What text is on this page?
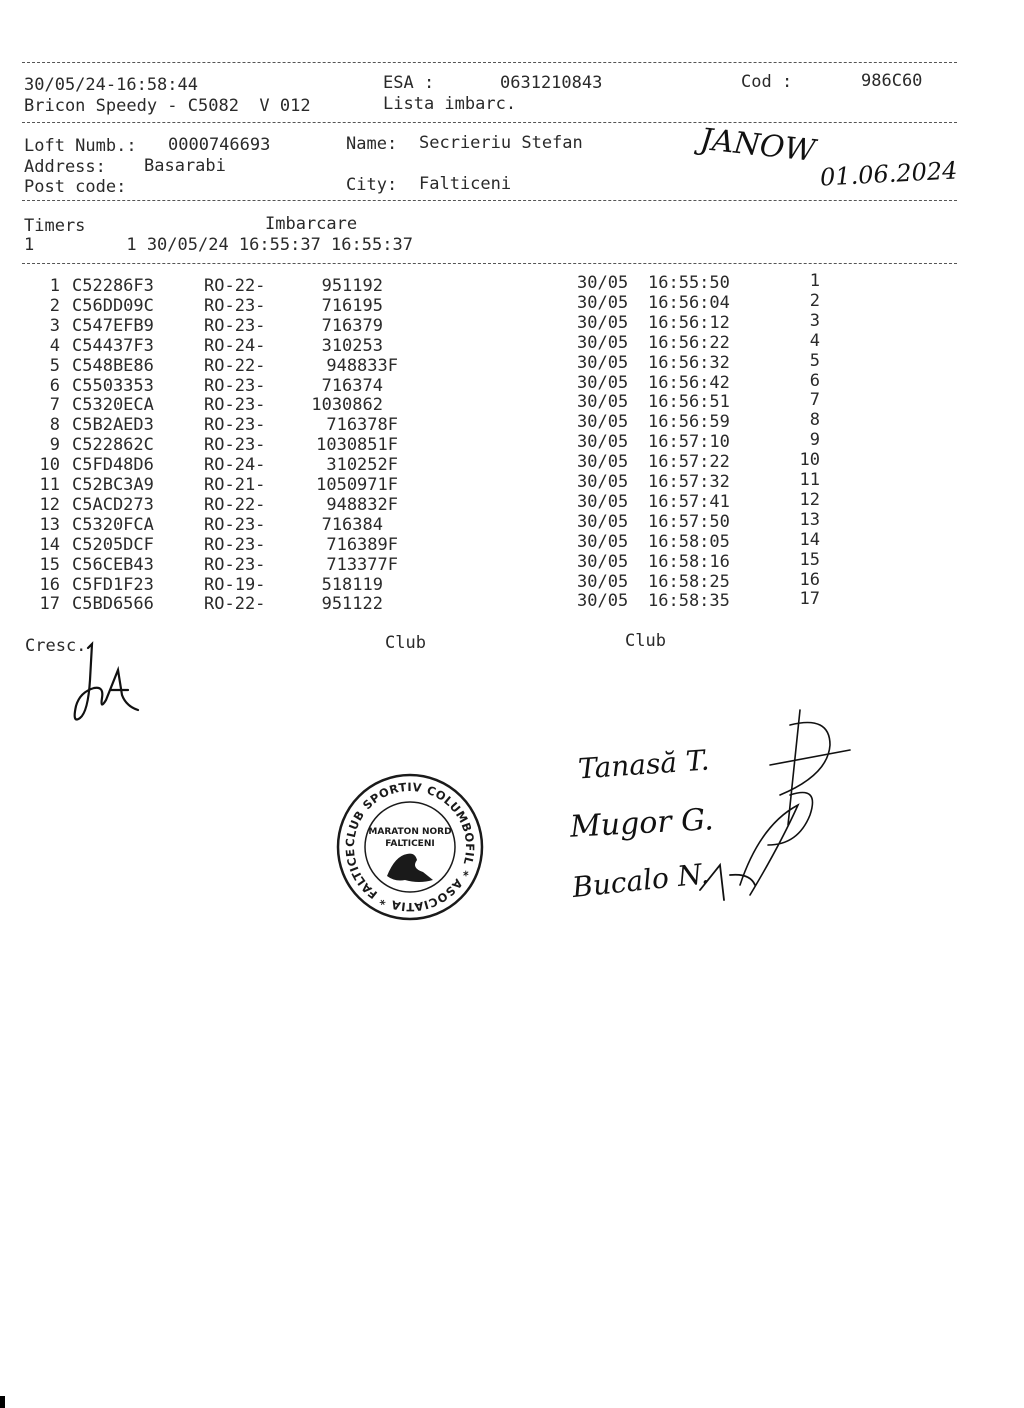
30/05/24-16:58:44	ESA :	0631210843	Cod :	986C60
Bricon Speedy - C5082  V 012	Lista imbarc.
Loft Numb.: 0000746693	Name: Secrieriu Stefan
Address: Basarabi
Post code:	City: Falticeni
JANOW
01.06.2024
Timers	Imbarcare
1         1 30/05/24 16:55:37 16:55:37
1 C52286F3	RO-22-	951192	30/05 16:55:50	1
2 C56DD09C	RO-23-	716195	30/05 16:56:04	2
3 C547EFB9	RO-23-	716379	30/05 16:56:12	3
4 C54437F3	RO-24-	310253	30/05 16:56:22	4
5 C548BE86	RO-22-	948833F	30/05 16:56:32	5
6 C5503353	RO-23-	716374	30/05 16:56:42	6
7 C5320ECA	RO-23-	1030862	30/05 16:56:51	7
8 C5B2AED3	RO-23-	716378F	30/05 16:56:59	8
9 C522862C	RO-23-	1030851F	30/05 16:57:10	9
10 C5FD48D6	RO-24-	310252F	30/05 16:57:22	10
11 C52BC3A9	RO-21-	1050971F	30/05 16:57:32	11
12 C5ACD273	RO-22-	948832F	30/05 16:57:41	12
13 C5320FCA	RO-23-	716384	30/05 16:57:50	13
14 C5205DCF	RO-23-	716389F	30/05 16:58:05	14
15 C56CEB43	RO-23-	713377F	30/05 16:58:16	15
16 C5FD1F23	RO-19-	518119	30/05 16:58:25	16
17 C5BD6566	RO-22-	951122	30/05 16:58:35	17
Cresc.	Club	Club
CLUB SPORTIV COLUMBOFIL * ASOCIATIA * FALTICENI *
MARATON NORD
FALTICENI
Tanasă T.
Mugor G.
Bucalo N.
